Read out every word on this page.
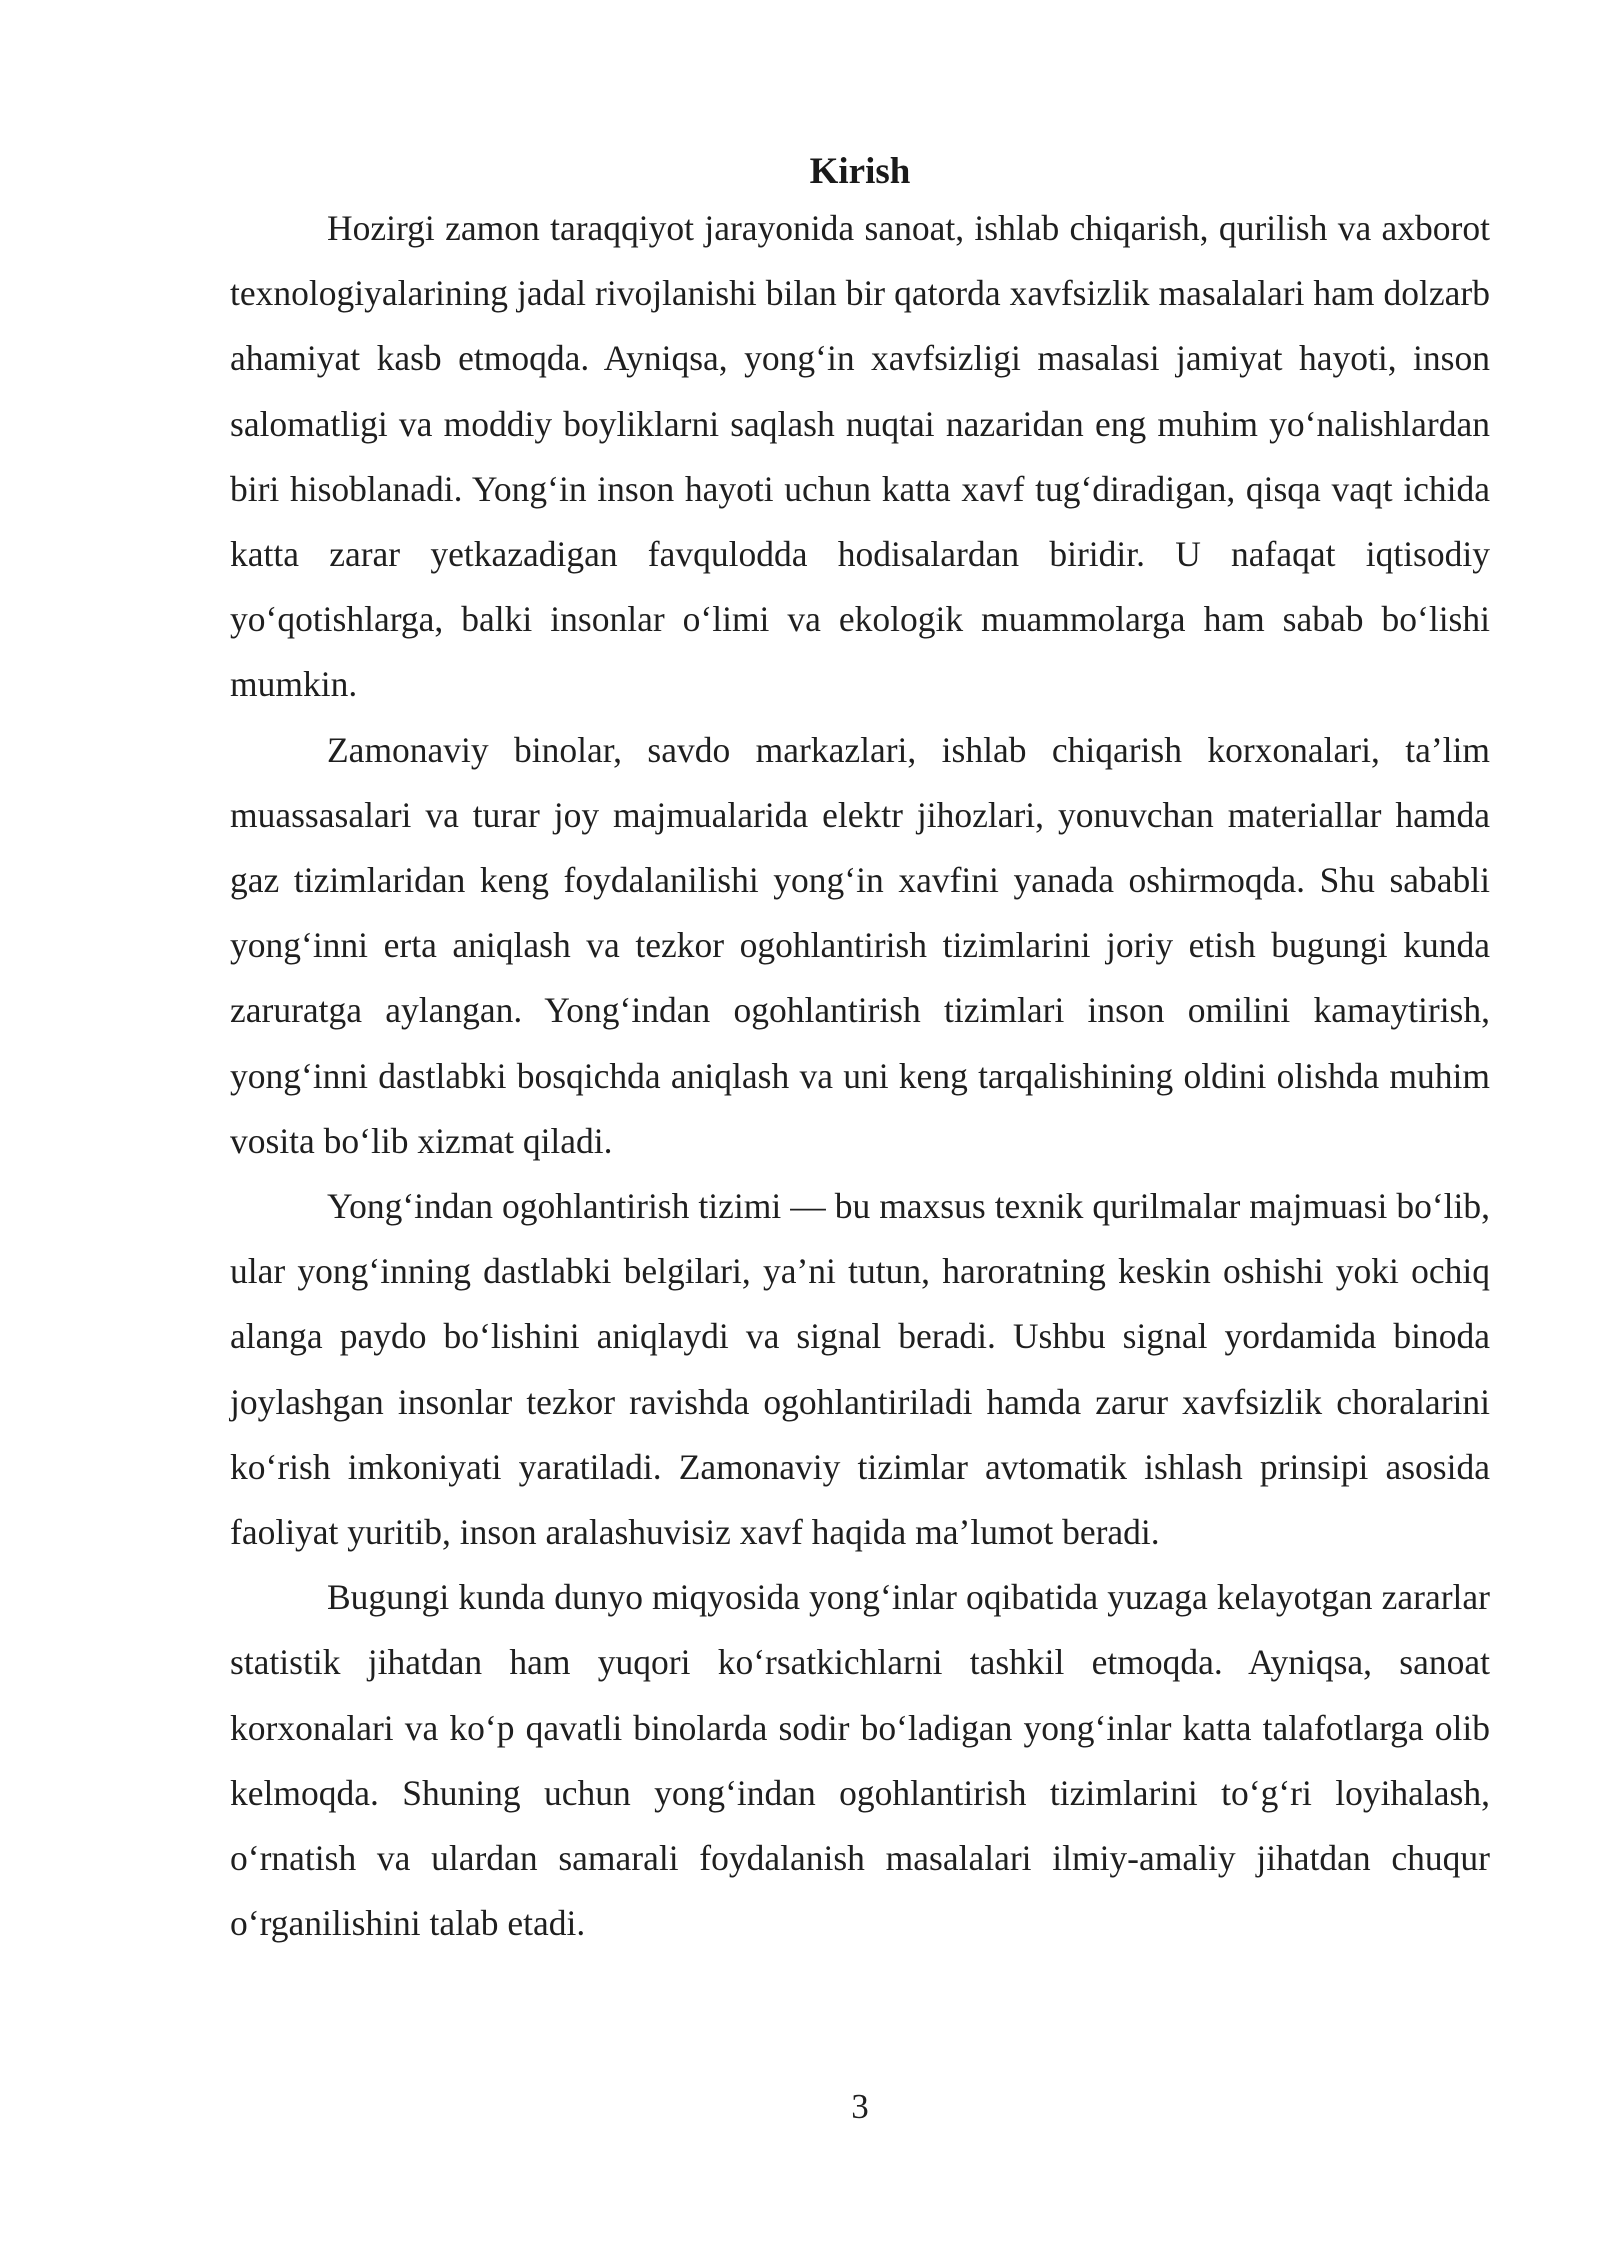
Kirish

Hozirgi zamon taraqqiyot jarayonida sanoat, ishlab chiqarish, qurilish va axborot texnologiyalarining jadal rivojlanishi bilan bir qatorda xavfsizlik masalalari ham dolzarb ahamiyat kasb etmoqda. Ayniqsa, yong‘in xavfsizligi masalasi jamiyat hayoti, inson salomatligi va moddiy boyliklarni saqlash nuqtai nazaridan eng muhim yo‘nalishlardan biri hisoblanadi. Yong‘in inson hayoti uchun katta xavf tug‘diradigan, qisqa vaqt ichida katta zarar yetkazadigan favqulodda hodisalardan biridir. U nafaqat iqtisodiy yo‘qotishlarga, balki insonlar o‘limi va ekologik muammolarga ham sabab bo‘lishi mumkin.

Zamonaviy binolar, savdo markazlari, ishlab chiqarish korxonalari, ta’lim muassasalari va turar joy majmualarida elektr jihozlari, yonuvchan materiallar hamda gaz tizimlaridan keng foydalanilishi yong‘in xavfini yanada oshirmoqda. Shu sababli yong‘inni erta aniqlash va tezkor ogohlantirish tizimlarini joriy etish bugungi kunda zaruratga aylangan. Yong‘indan ogohlantirish tizimlari inson omilini kamaytirish, yong‘inni dastlabki bosqichda aniqlash va uni keng tarqalishining oldini olishda muhim vosita bo‘lib xizmat qiladi.

Yong‘indan ogohlantirish tizimi — bu maxsus texnik qurilmalar majmuasi bo‘lib, ular yong‘inning dastlabki belgilari, ya’ni tutun, haroratning keskin oshishi yoki ochiq alanga paydo bo‘lishini aniqlaydi va signal beradi. Ushbu signal yordamida binoda joylashgan insonlar tezkor ravishda ogohlantiriladi hamda zarur xavfsizlik choralarini ko‘rish imkoniyati yaratiladi. Zamonaviy tizimlar avtomatik ishlash prinsipi asosida faoliyat yuritib, inson aralashuvisiz xavf haqida ma’lumot beradi.

Bugungi kunda dunyo miqyosida yong‘inlar oqibatida yuzaga kelayotgan zararlar statistik jihatdan ham yuqori ko‘rsatkichlarni tashkil etmoqda. Ayniqsa, sanoat korxonalari va ko‘p qavatli binolarda sodir bo‘ladigan yong‘inlar katta talafotlarga olib kelmoqda. Shuning uchun yong‘indan ogohlantirish tizimlarini to‘g‘ri loyihalash, o‘rnatish va ulardan samarali foydalanish masalalari ilmiy-amaliy jihatdan chuqur o‘rganilishini talab etadi.

3
